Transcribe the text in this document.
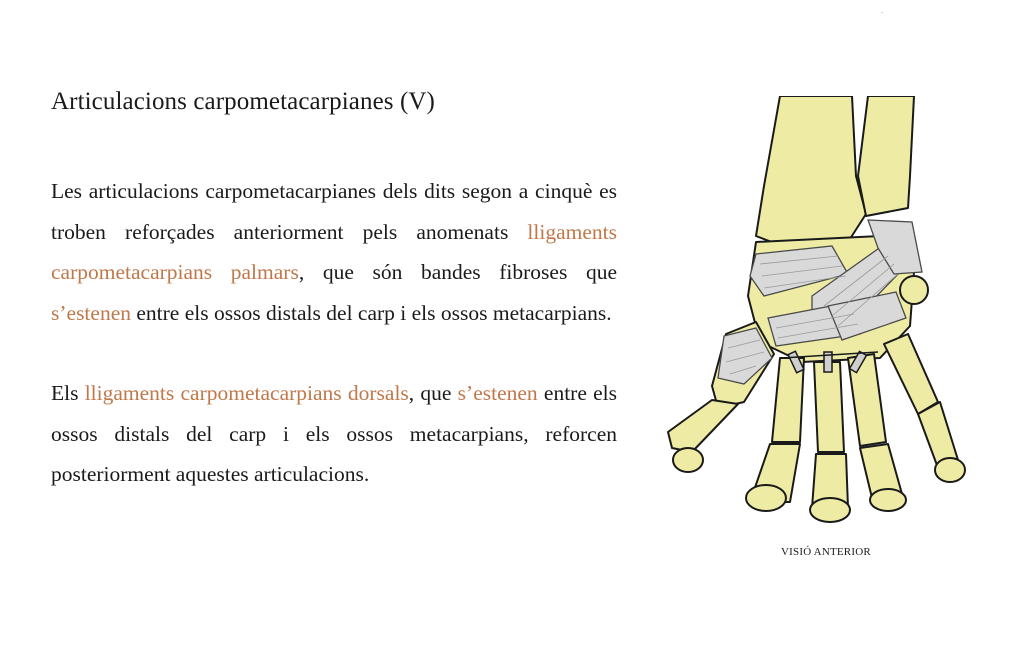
Articulacions carpometacarpianes (V)

Les articulacions carpometacarpianes dels dits segon a cinquè es troben reforçades anteriorment pels anomenats lligaments carpometacarpians palmars, que són bandes fibroses que s’estenen entre els ossos distals del carp i els ossos metacarpians.

Els lligaments carpometacarpians dorsals, que s’estenen entre els ossos distals del carp i els ossos metacarpians, reforcen posteriorment aquestes articulacions.

VISIÓ ANTERIOR
